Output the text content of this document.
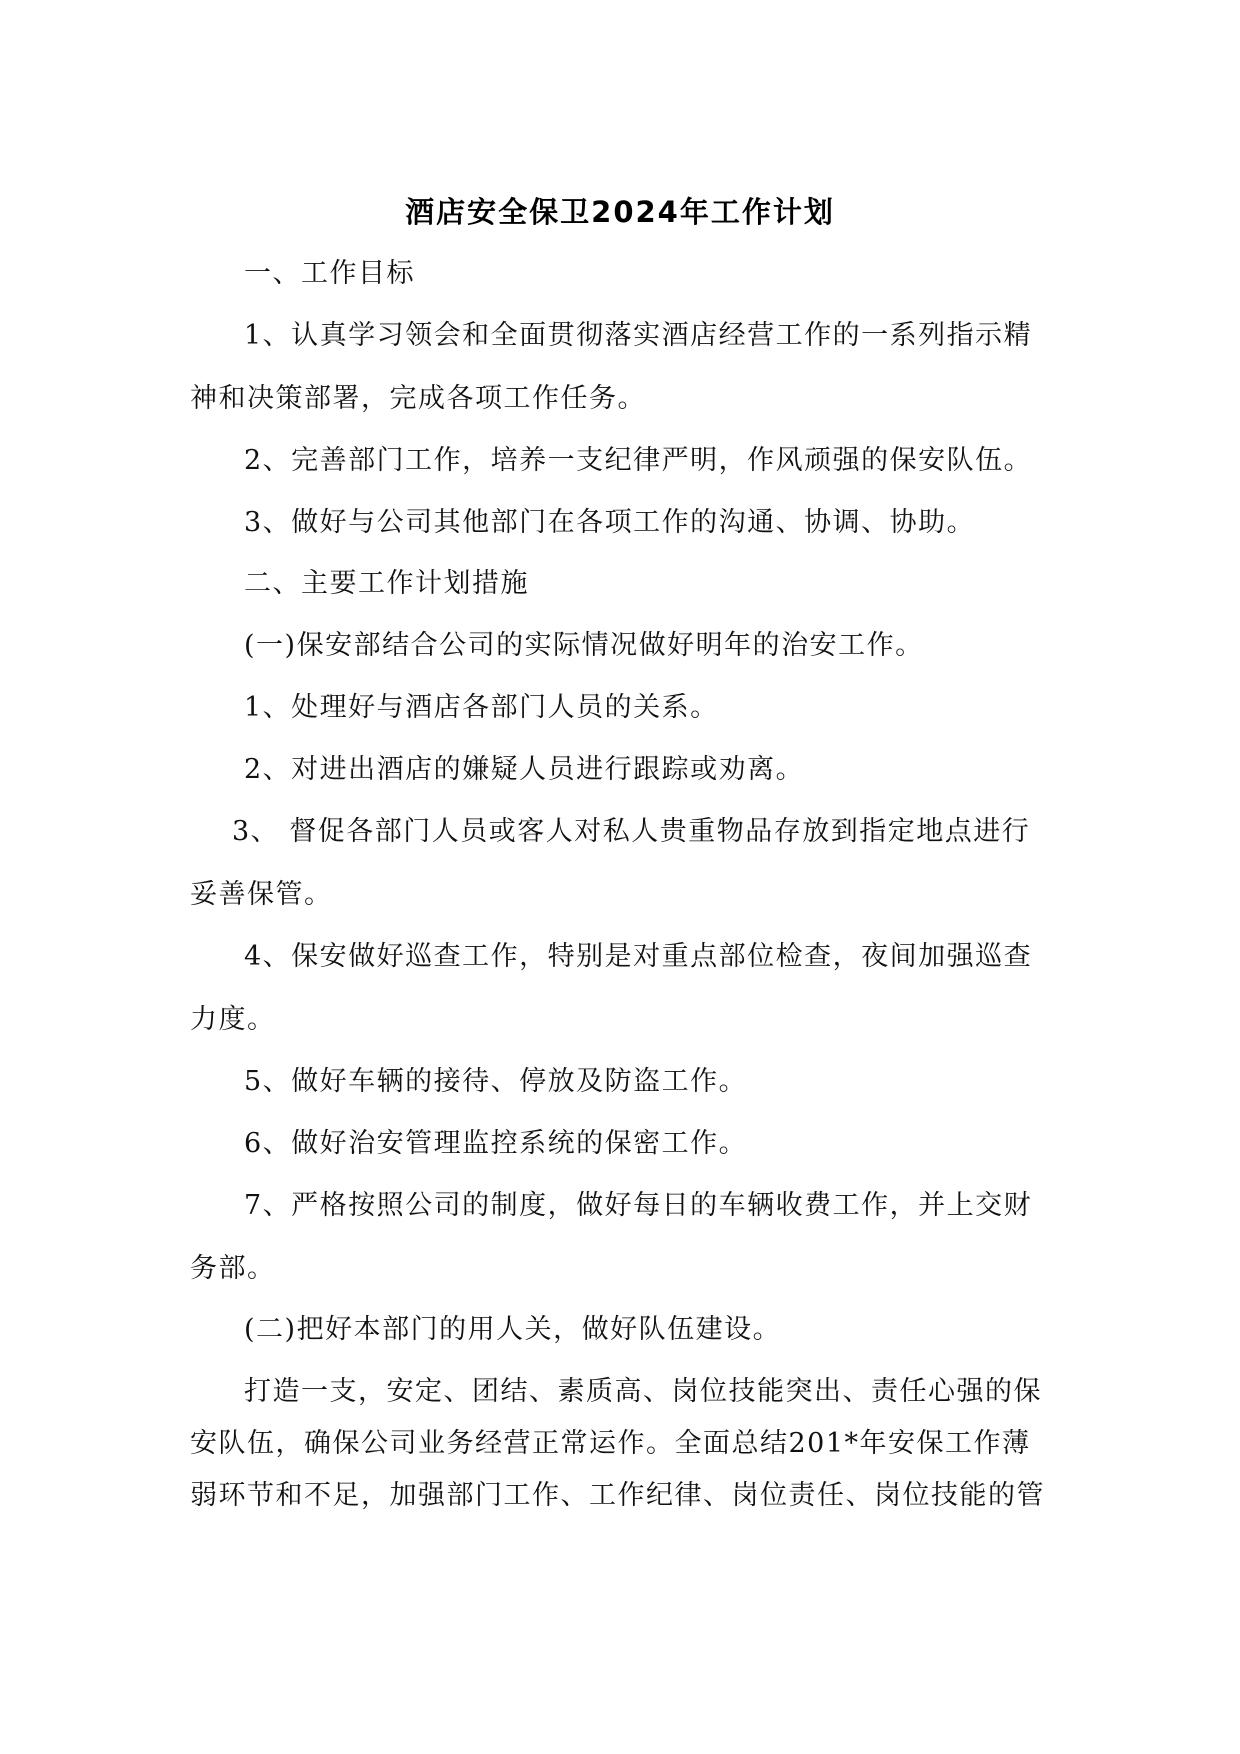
酒店安全保卫2024年工作计划
一、工作目标
1、认真学习领会和全面贯彻落实酒店经营工作的一系列指示精
神和决策部署，完成各项工作任务。
2、完善部门工作，培养一支纪律严明，作风顽强的保安队伍。
3、做好与公司其他部门在各项工作的沟通、协调、协助。
二、主要工作计划措施
(一)保安部结合公司的实际情况做好明年的治安工作。
1、处理好与酒店各部门人员的关系。
2、对进出酒店的嫌疑人员进行跟踪或劝离。
3、 督促各部门人员或客人对私人贵重物品存放到指定地点进行
妥善保管。
4、保安做好巡查工作，特别是对重点部位检查，夜间加强巡查
力度。
5、做好车辆的接待、停放及防盗工作。
6、做好治安管理监控系统的保密工作。
7、严格按照公司的制度，做好每日的车辆收费工作，并上交财
务部。
(二)把好本部门的用人关，做好队伍建设。
打造一支，安定、团结、素质高、岗位技能突出、责任心强的保
安队伍，确保公司业务经营正常运作。全面总结201*年安保工作薄
弱环节和不足，加强部门工作、工作纪律、岗位责任、岗位技能的管
